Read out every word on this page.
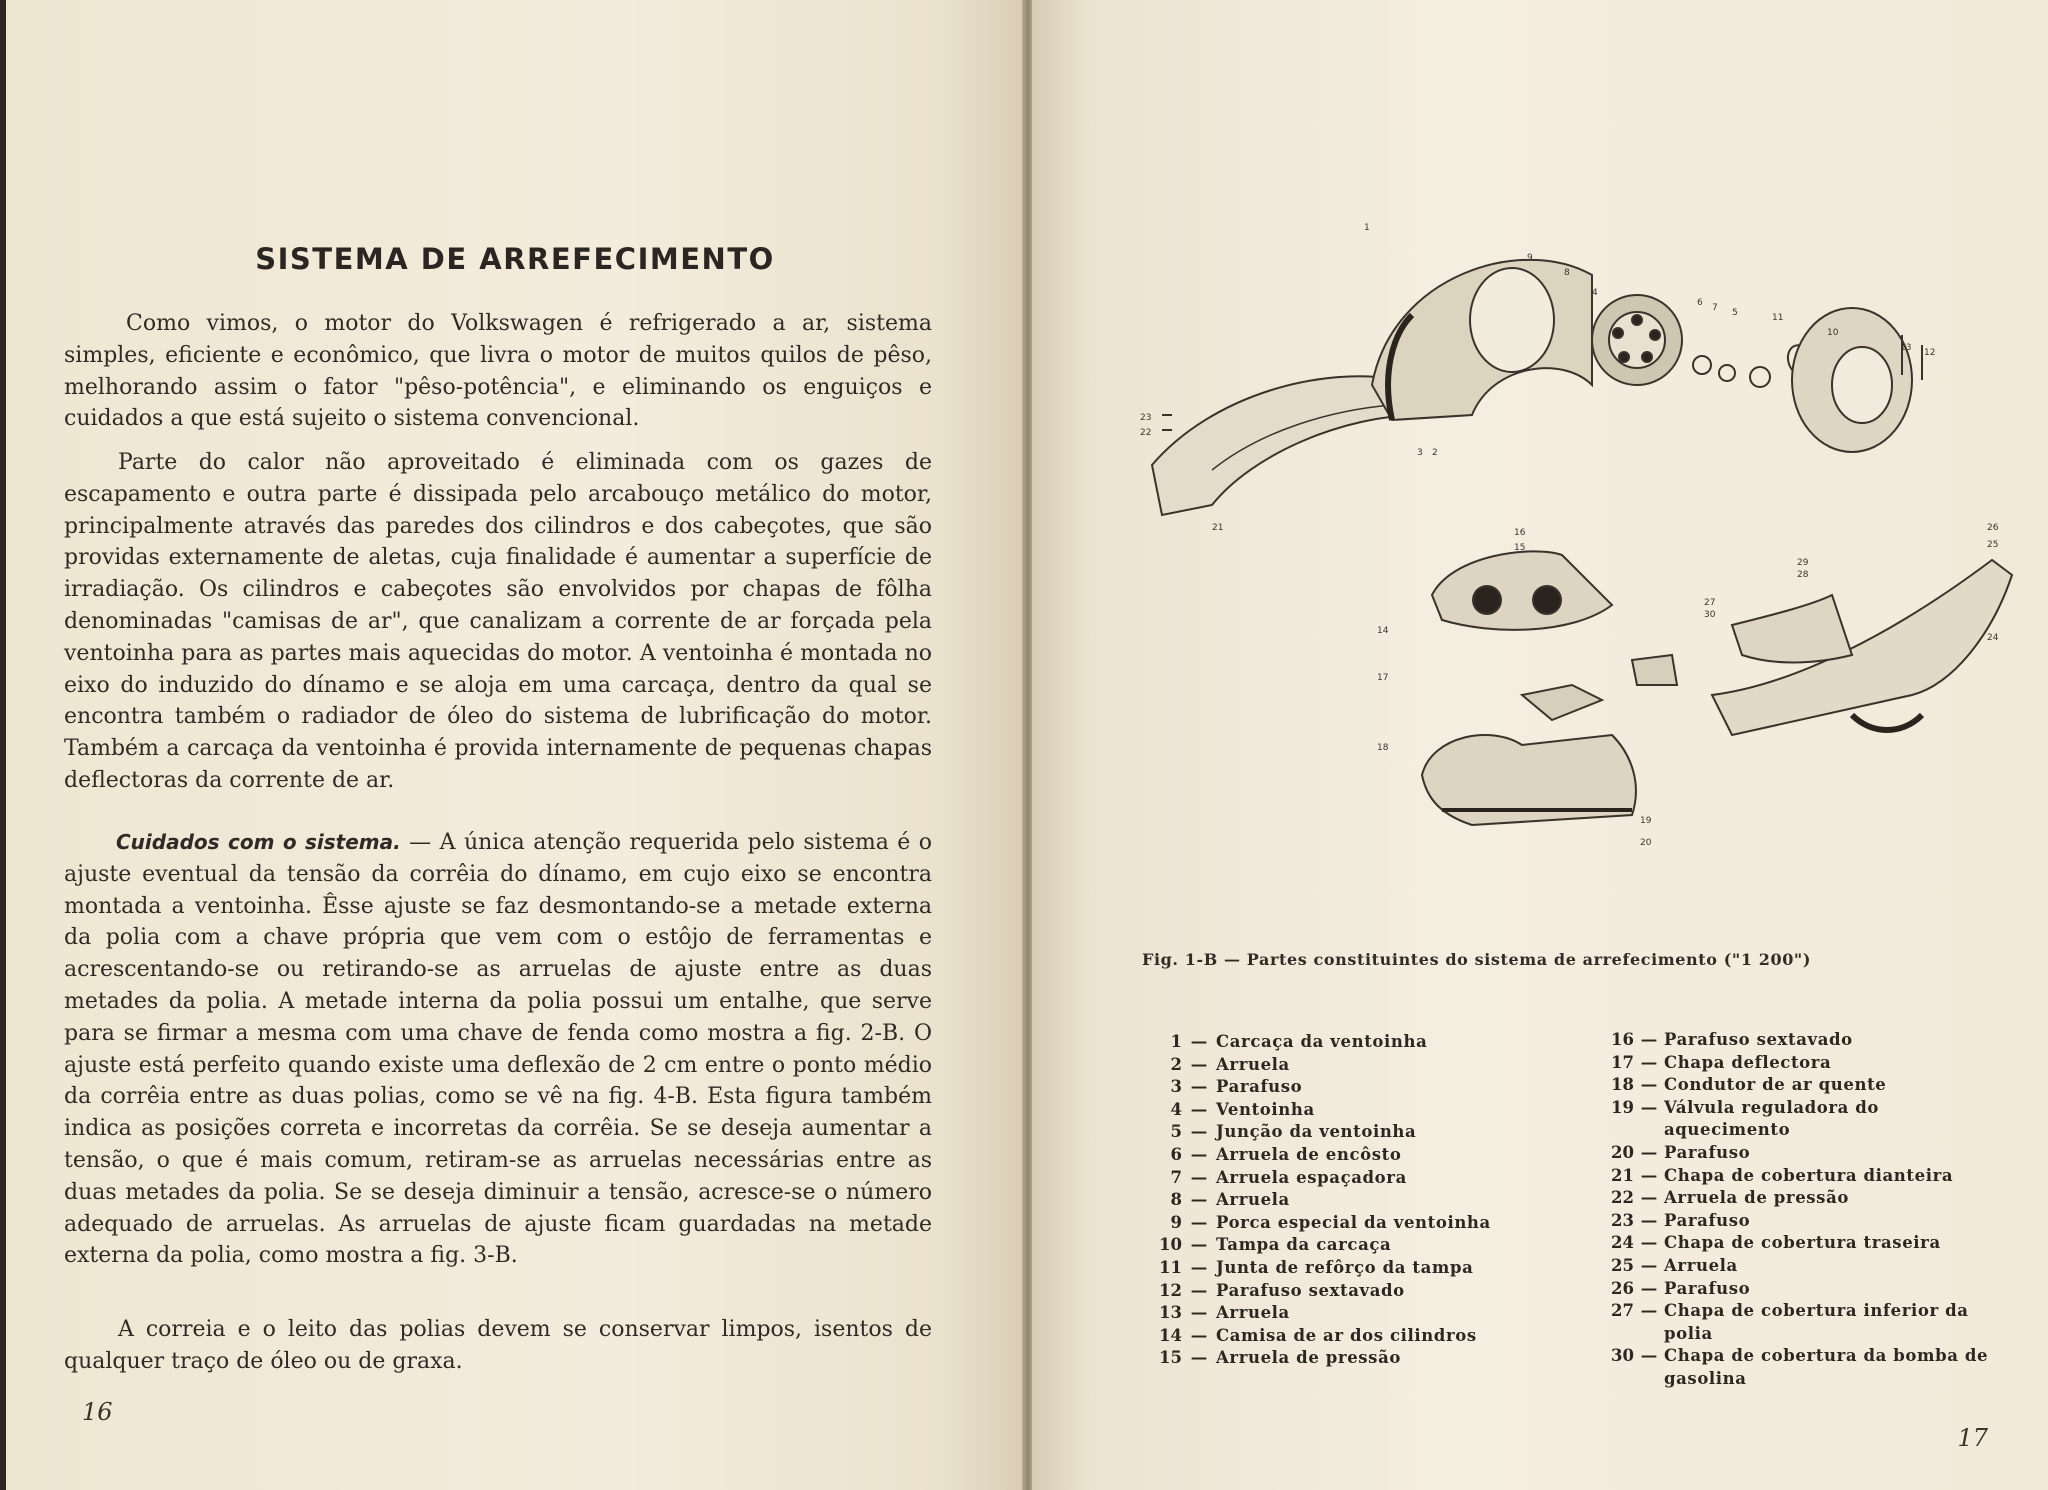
SISTEMA DE ARREFECIMENTO

Como vimos, o motor do Volkswagen é refrigerado a ar, sistema simples, eficiente e econômico, que livra o motor de muitos quilos de pêso, melhorando assim o fator "pêso-potência", e eliminando os enguiços e cuidados a que está sujeito o sistema convencional.

Parte do calor não aproveitado é eliminada com os gazes de escapamento e outra parte é dissipada pelo arcabouço metálico do motor, principalmente através das paredes dos cilindros e dos cabeçotes, que são providas externamente de aletas, cuja finalidade é aumentar a superfície de irradiação. Os cilindros e cabeçotes são envolvidos por chapas de fôlha denominadas "camisas de ar", que canalizam a corrente de ar forçada pela ventoinha para as partes mais aquecidas do motor. A ventoinha é montada no eixo do induzido do dínamo e se aloja em uma carcaça, dentro da qual se encontra também o radiador de óleo do sistema de lubrificação do motor. Também a carcaça da ventoinha é provida internamente de pequenas chapas deflectoras da corrente de ar.

Cuidados com o sistema. — A única atenção requerida pelo sistema é o ajuste eventual da tensão da corrêia do dínamo, em cujo eixo se encontra montada a ventoinha. Êsse ajuste se faz desmontando-se a metade externa da polia com a chave própria que vem com o estôjo de ferramentas e acrescentando-se ou retirando-se as arruelas de ajuste entre as duas metades da polia. A metade interna da polia possui um entalhe, que serve para se firmar a mesma com uma chave de fenda como mostra a fig. 2-B. O ajuste está perfeito quando existe uma deflexão de 2 cm entre o ponto médio da corrêia entre as duas polias, como se vê na fig. 4-B. Esta figura também indica as posições correta e incorretas da corrêia. Se se deseja aumentar a tensão, o que é mais comum, retiram-se as arruelas necessárias entre as duas metades da polia. Se se deseja diminuir a tensão, acresce-se o número adequado de arruelas. As arruelas de ajuste ficam guardadas na metade externa da polia, como mostra a fig. 3-B.

A correia e o leito das polias devem se conservar limpos, isentos de qualquer traço de óleo ou de graxa.

16
1
2
3
4
5
6 7
8
9
10
11
12
13
14
15
16
17
18
19
20
21
22
23
24
25
26
27
28
29
30
Fig. 1-B — Partes constituintes do sistema de arrefecimento ("1 200")
1 — Carcaça da ventoinha
2 — Arruela
3 — Parafuso
4 — Ventoinha
5 — Junção da ventoinha
6 — Arruela de encôsto
7 — Arruela espaçadora
8 — Arruela
9 — Porca especial da ventoinha
10 — Tampa da carcaça
11 — Junta de refôrço da tampa
12 — Parafuso sextavado
13 — Arruela
14 — Camisa de ar dos cilindros
15 — Arruela de pressão
16 — Parafuso sextavado
17 — Chapa deflectora
18 — Condutor de ar quente
19 — Válvula reguladora do aquecimento
20 — Parafuso
21 — Chapa de cobertura dianteira
22 — Arruela de pressão
23 — Parafuso
24 — Chapa de cobertura traseira
25 — Arruela
26 — Parafuso
27 — Chapa de cobertura inferior da polia
30 — Chapa de cobertura da bomba de gasolina
17
